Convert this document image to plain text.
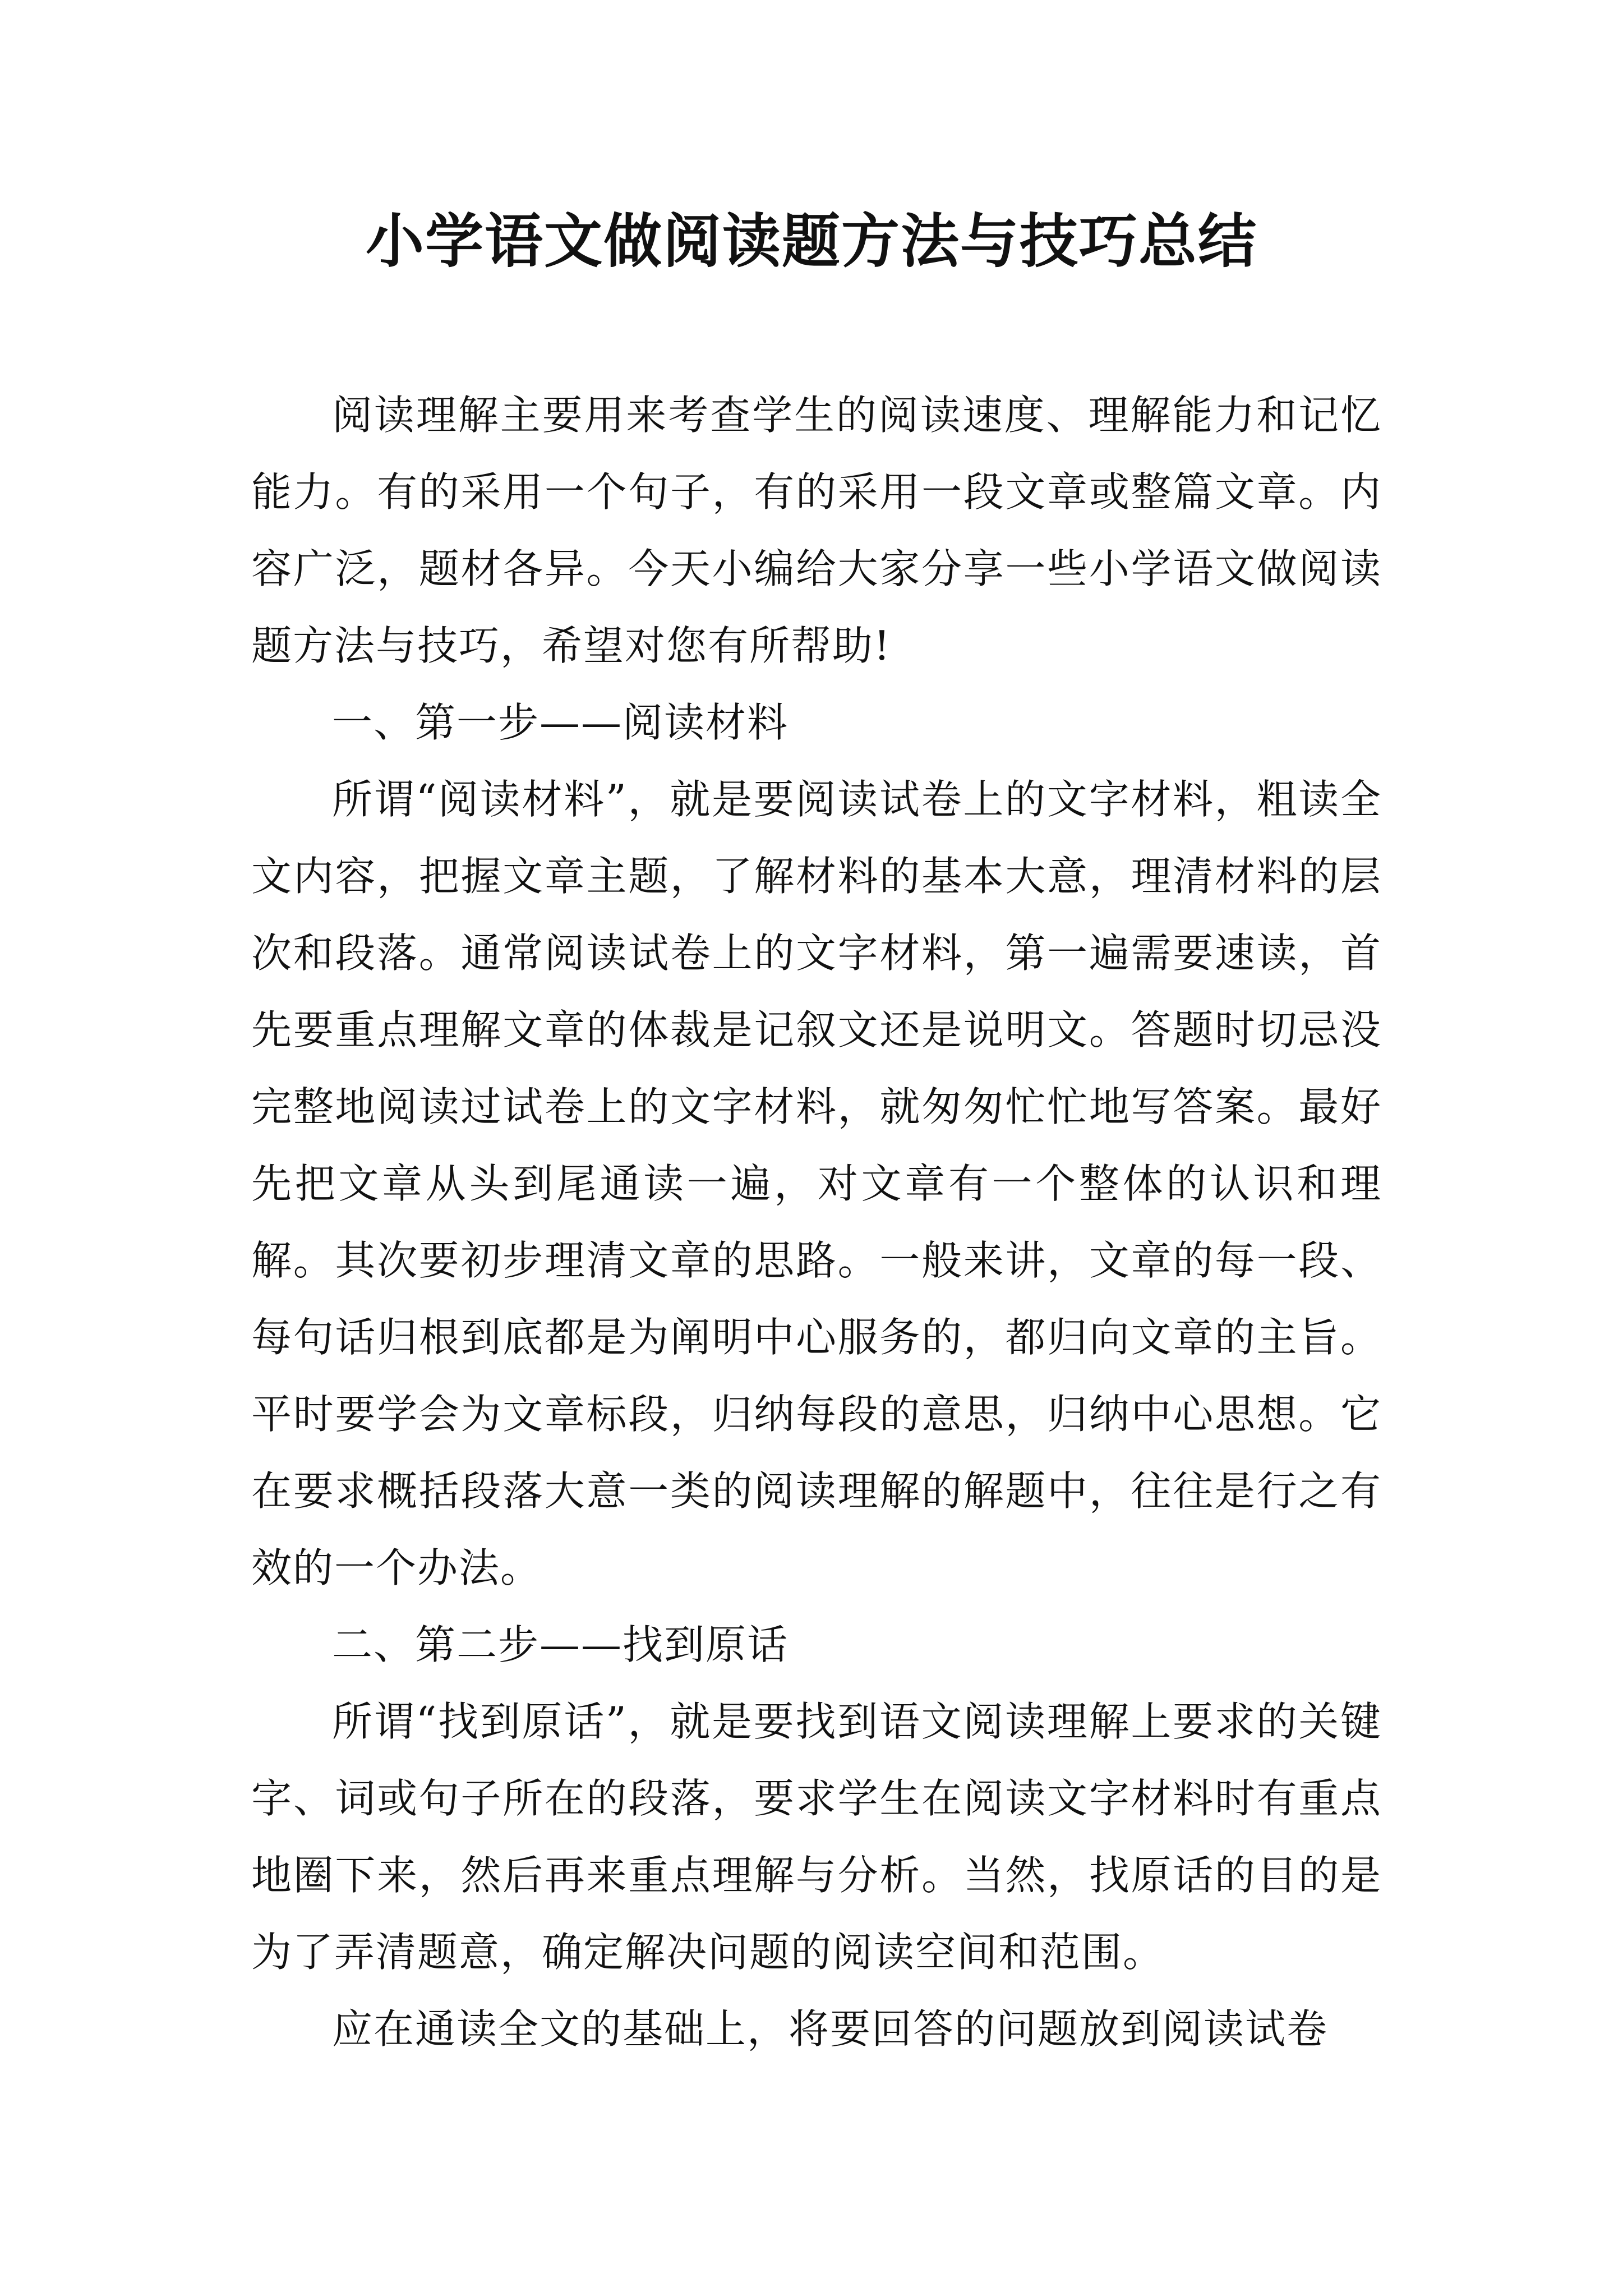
小学语文做阅读题方法与技巧总结

阅读理解主要用来考查学生的阅读速度、理解能力和记忆能力。有的采用一个句子，有的采用一段文章或整篇文章。内容广泛，题材各异。今天小编给大家分享一些小学语文做阅读题方法与技巧，希望对您有所帮助!

一、第一步——阅读材料

所谓“阅读材料”，就是要阅读试卷上的文字材料，粗读全文内容，把握文章主题，了解材料的基本大意，理清材料的层次和段落。通常阅读试卷上的文字材料，第一遍需要速读，首先要重点理解文章的体裁是记叙文还是说明文。答题时切忌没完整地阅读过试卷上的文字材料，就匆匆忙忙地写答案。最好先把文章从头到尾通读一遍，对文章有一个整体的认识和理解。其次要初步理清文章的思路。一般来讲，文章的每一段、每句话归根到底都是为阐明中心服务的，都归向文章的主旨。平时要学会为文章标段，归纳每段的意思，归纳中心思想。它在要求概括段落大意一类的阅读理解的解题中，往往是行之有效的一个办法。

二、第二步——找到原话

所谓“找到原话”，就是要找到语文阅读理解上要求的关键字、词或句子所在的段落，要求学生在阅读文字材料时有重点地圈下来，然后再来重点理解与分析。当然，找原话的目的是为了弄清题意，确定解决问题的阅读空间和范围。

应在通读全文的基础上，将要回答的问题放到阅读试卷
